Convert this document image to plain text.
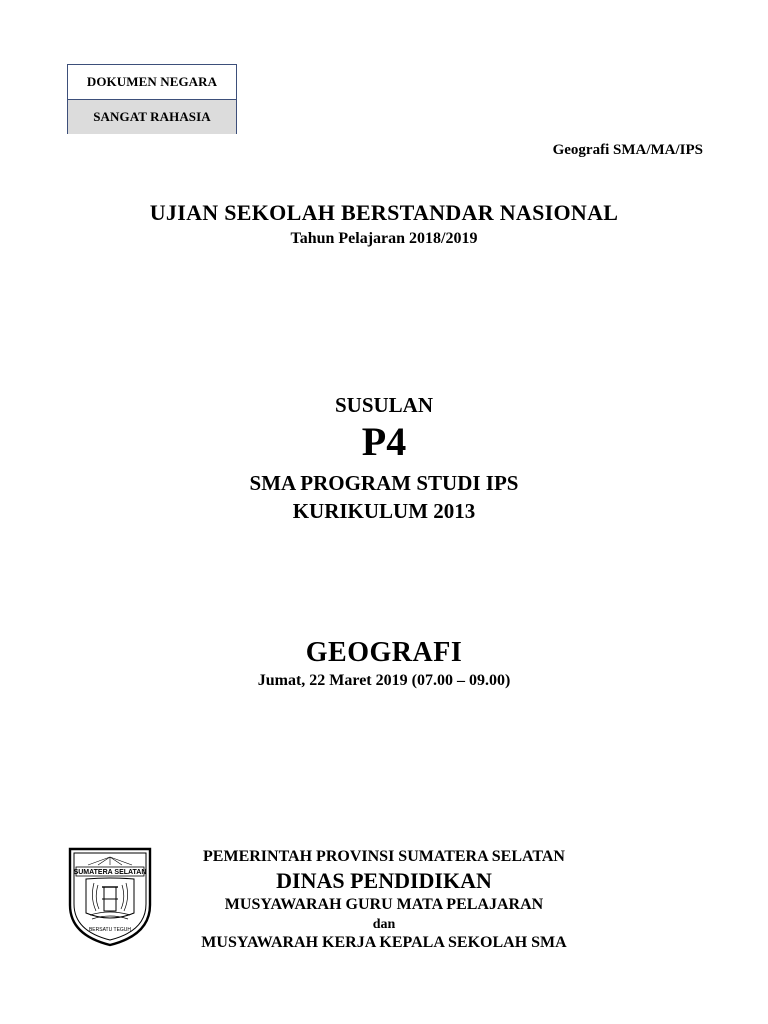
DOKUMEN NEGARA
SANGAT RAHASIA
Geografi SMA/MA/IPS
UJIAN SEKOLAH BERSTANDAR NASIONAL
Tahun Pelajaran 2018/2019
SUSULAN
P4
SMA PROGRAM STUDI IPS
KURIKULUM 2013
GEOGRAFI
Jumat, 22 Maret 2019 (07.00 – 09.00)
SUMATERA SELATAN
BERSATU TEGUH
PEMERINTAH PROVINSI SUMATERA SELATAN
DINAS PENDIDIKAN
MUSYAWARAH GURU MATA PELAJARAN
dan
MUSYAWARAH KERJA KEPALA SEKOLAH SMA
